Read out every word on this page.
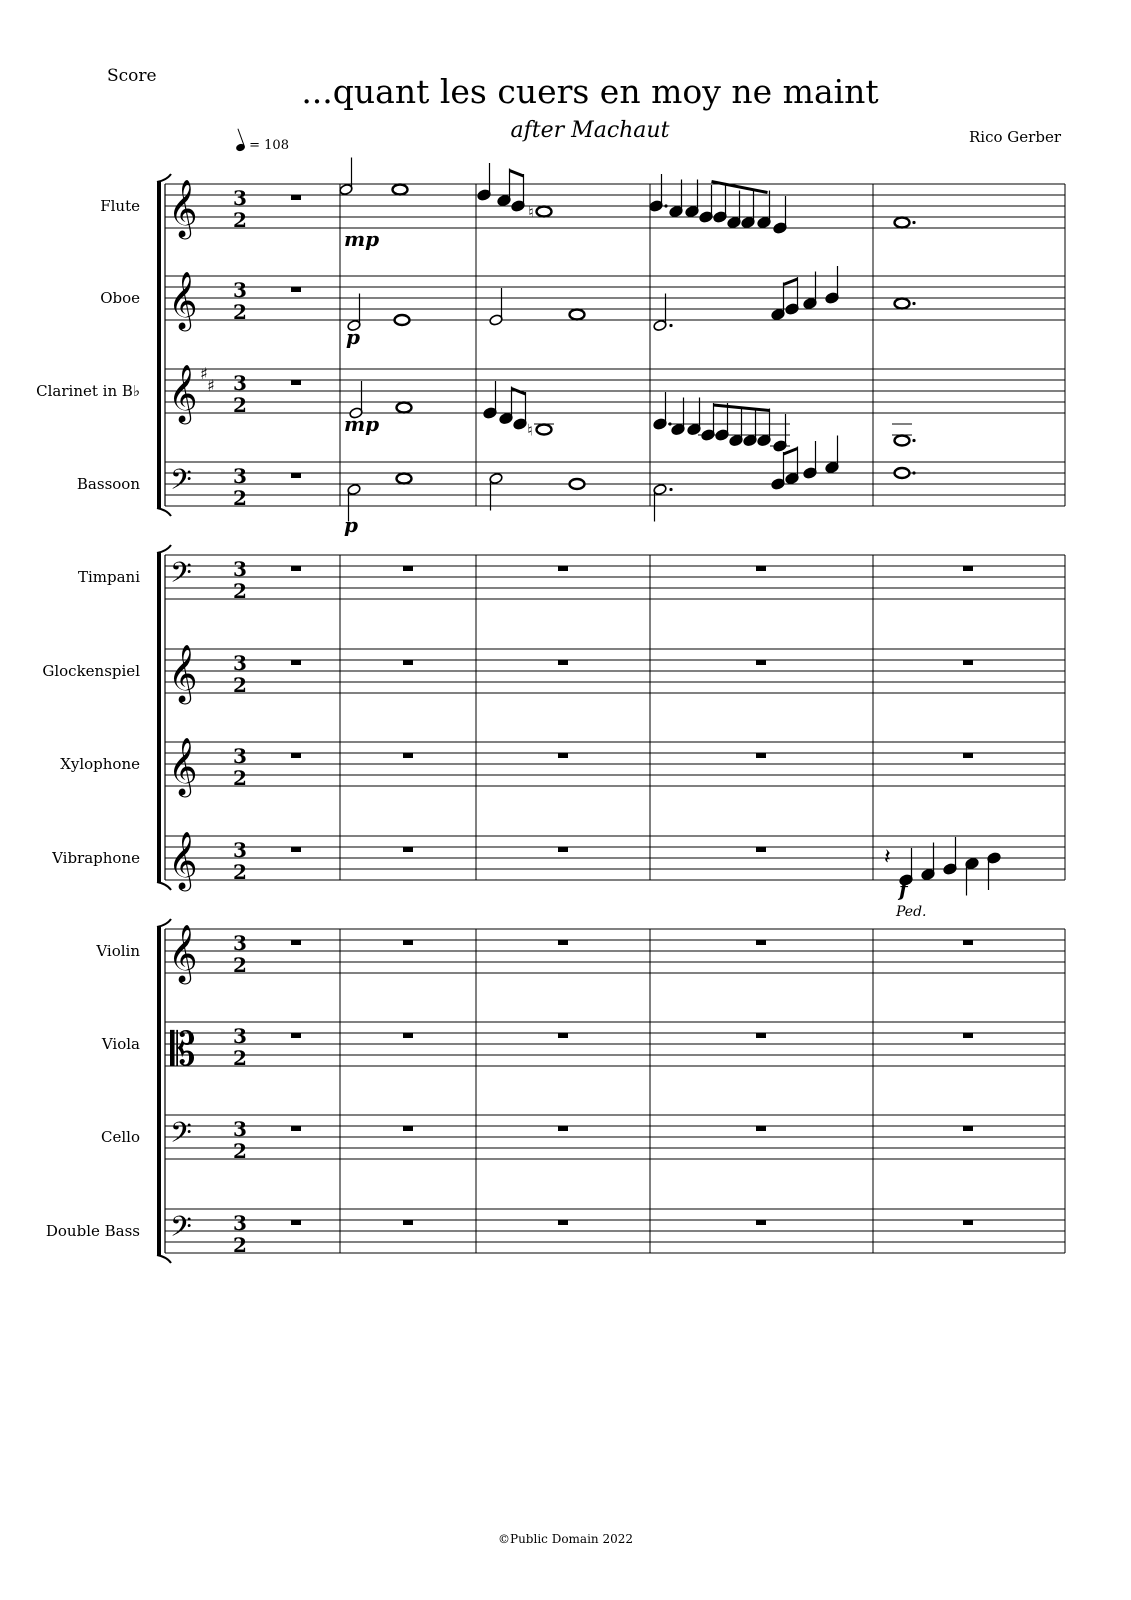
Score	...quant les cuers en moy ne maint
after Machaut	Rico Gerber
= 108
Flute 𝄞 3
2
Oboe 𝄞 3
2
Clarinet in B♭ 𝄞 ♯
♯ 3
2
Bassoon 𝄢 3
2
Timpani 𝄢 3
2
Glockenspiel 𝄞 3
2
Xylophone 𝄞 3
2
Vibraphone 𝄞 3
2
Violin 𝄞 3
2
Viola 𝄡 3
2
Cello 𝄢 3
2
Double Bass 𝄢 3
2
mp
♮
p
mp	♮
p
𝄽
f
Ped.
©Public Domain 2022
